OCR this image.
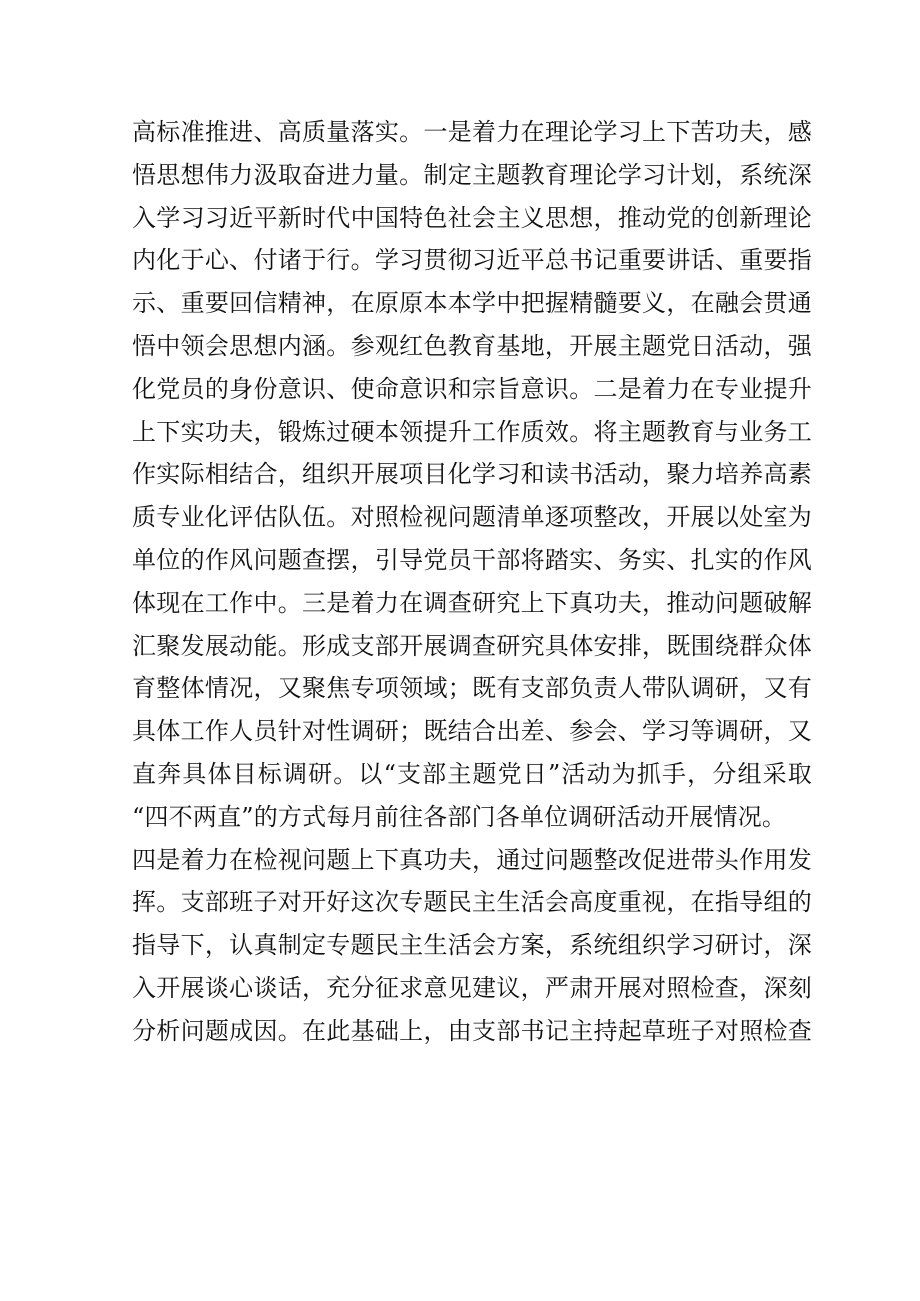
高标准推进、高质量落实。一是着力在理论学习上下苦功夫，感
悟思想伟力汲取奋进力量。制定主题教育理论学习计划，系统深
入学习习近平新时代中国特色社会主义思想，推动党的创新理论
内化于心、付诸于行。学习贯彻习近平总书记重要讲话、重要指
示、重要回信精神，在原原本本学中把握精髓要义，在融会贯通
悟中领会思想内涵。参观红色教育基地，开展主题党日活动，强
化党员的身份意识、使命意识和宗旨意识。二是着力在专业提升
上下实功夫，锻炼过硬本领提升工作质效。将主题教育与业务工
作实际相结合，组织开展项目化学习和读书活动，聚力培养高素
质专业化评估队伍。对照检视问题清单逐项整改，开展以处室为
单位的作风问题查摆，引导党员干部将踏实、务实、扎实的作风
体现在工作中。三是着力在调查研究上下真功夫，推动问题破解
汇聚发展动能。形成支部开展调查研究具体安排，既围绕群众体
育整体情况，又聚焦专项领域；既有支部负责人带队调研，又有
具体工作人员针对性调研；既结合出差、参会、学习等调研，又
直奔具体目标调研。以“支部主题党日”活动为抓手，分组采取
“四不两直”的方式每月前往各部门各单位调研活动开展情况。
四是着力在检视问题上下真功夫，通过问题整改促进带头作用发
挥。支部班子对开好这次专题民主生活会高度重视，在指导组的
指导下，认真制定专题民主生活会方案，系统组织学习研讨，深
入开展谈心谈话，充分征求意见建议，严肃开展对照检查，深刻
分析问题成因。在此基础上，由支部书记主持起草班子对照检查
